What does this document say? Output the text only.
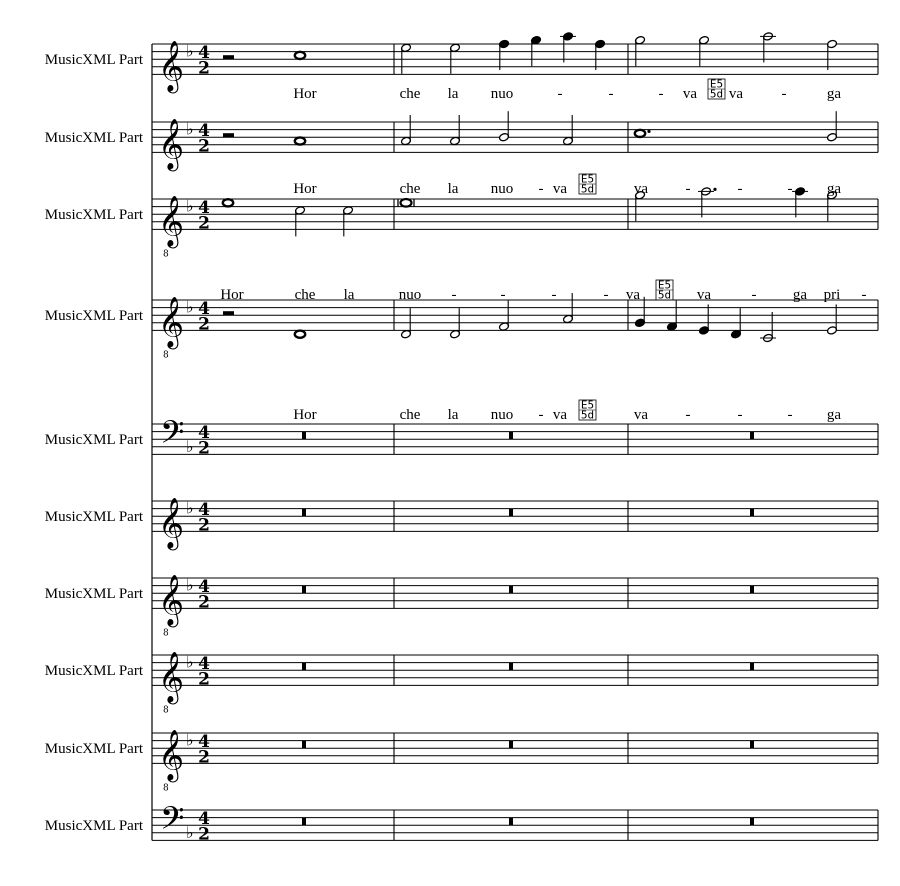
MusicXML Part 𝄞 ♭ 4
2
MusicXML Part 𝄞 ♭ 4
2
MusicXML Part 𝄞
8
♭ 4
2
MusicXML Part 𝄞
8
♭ 4
2
MusicXML Part 𝄢 ♭
4
2
MusicXML Part 𝄞 ♭ 4
2
MusicXML Part 𝄞
8
♭ 4
2
MusicXML Part 𝄞
8
♭ 4
2
MusicXML Part 𝄞
8
♭ 4
2
MusicXML Part 𝄢 ♭
4
2
Hor	che la nuo	-	-	- va va	-	ga
E5
5d
Hor	che la nuo - va	va -	-	- ga
E5
5d
Hor	che la	nuo -	-	-	- va	va	- ga pri -
E5
5d
Hor	che la nuo - va	va -	-	- ga
E5
5d
